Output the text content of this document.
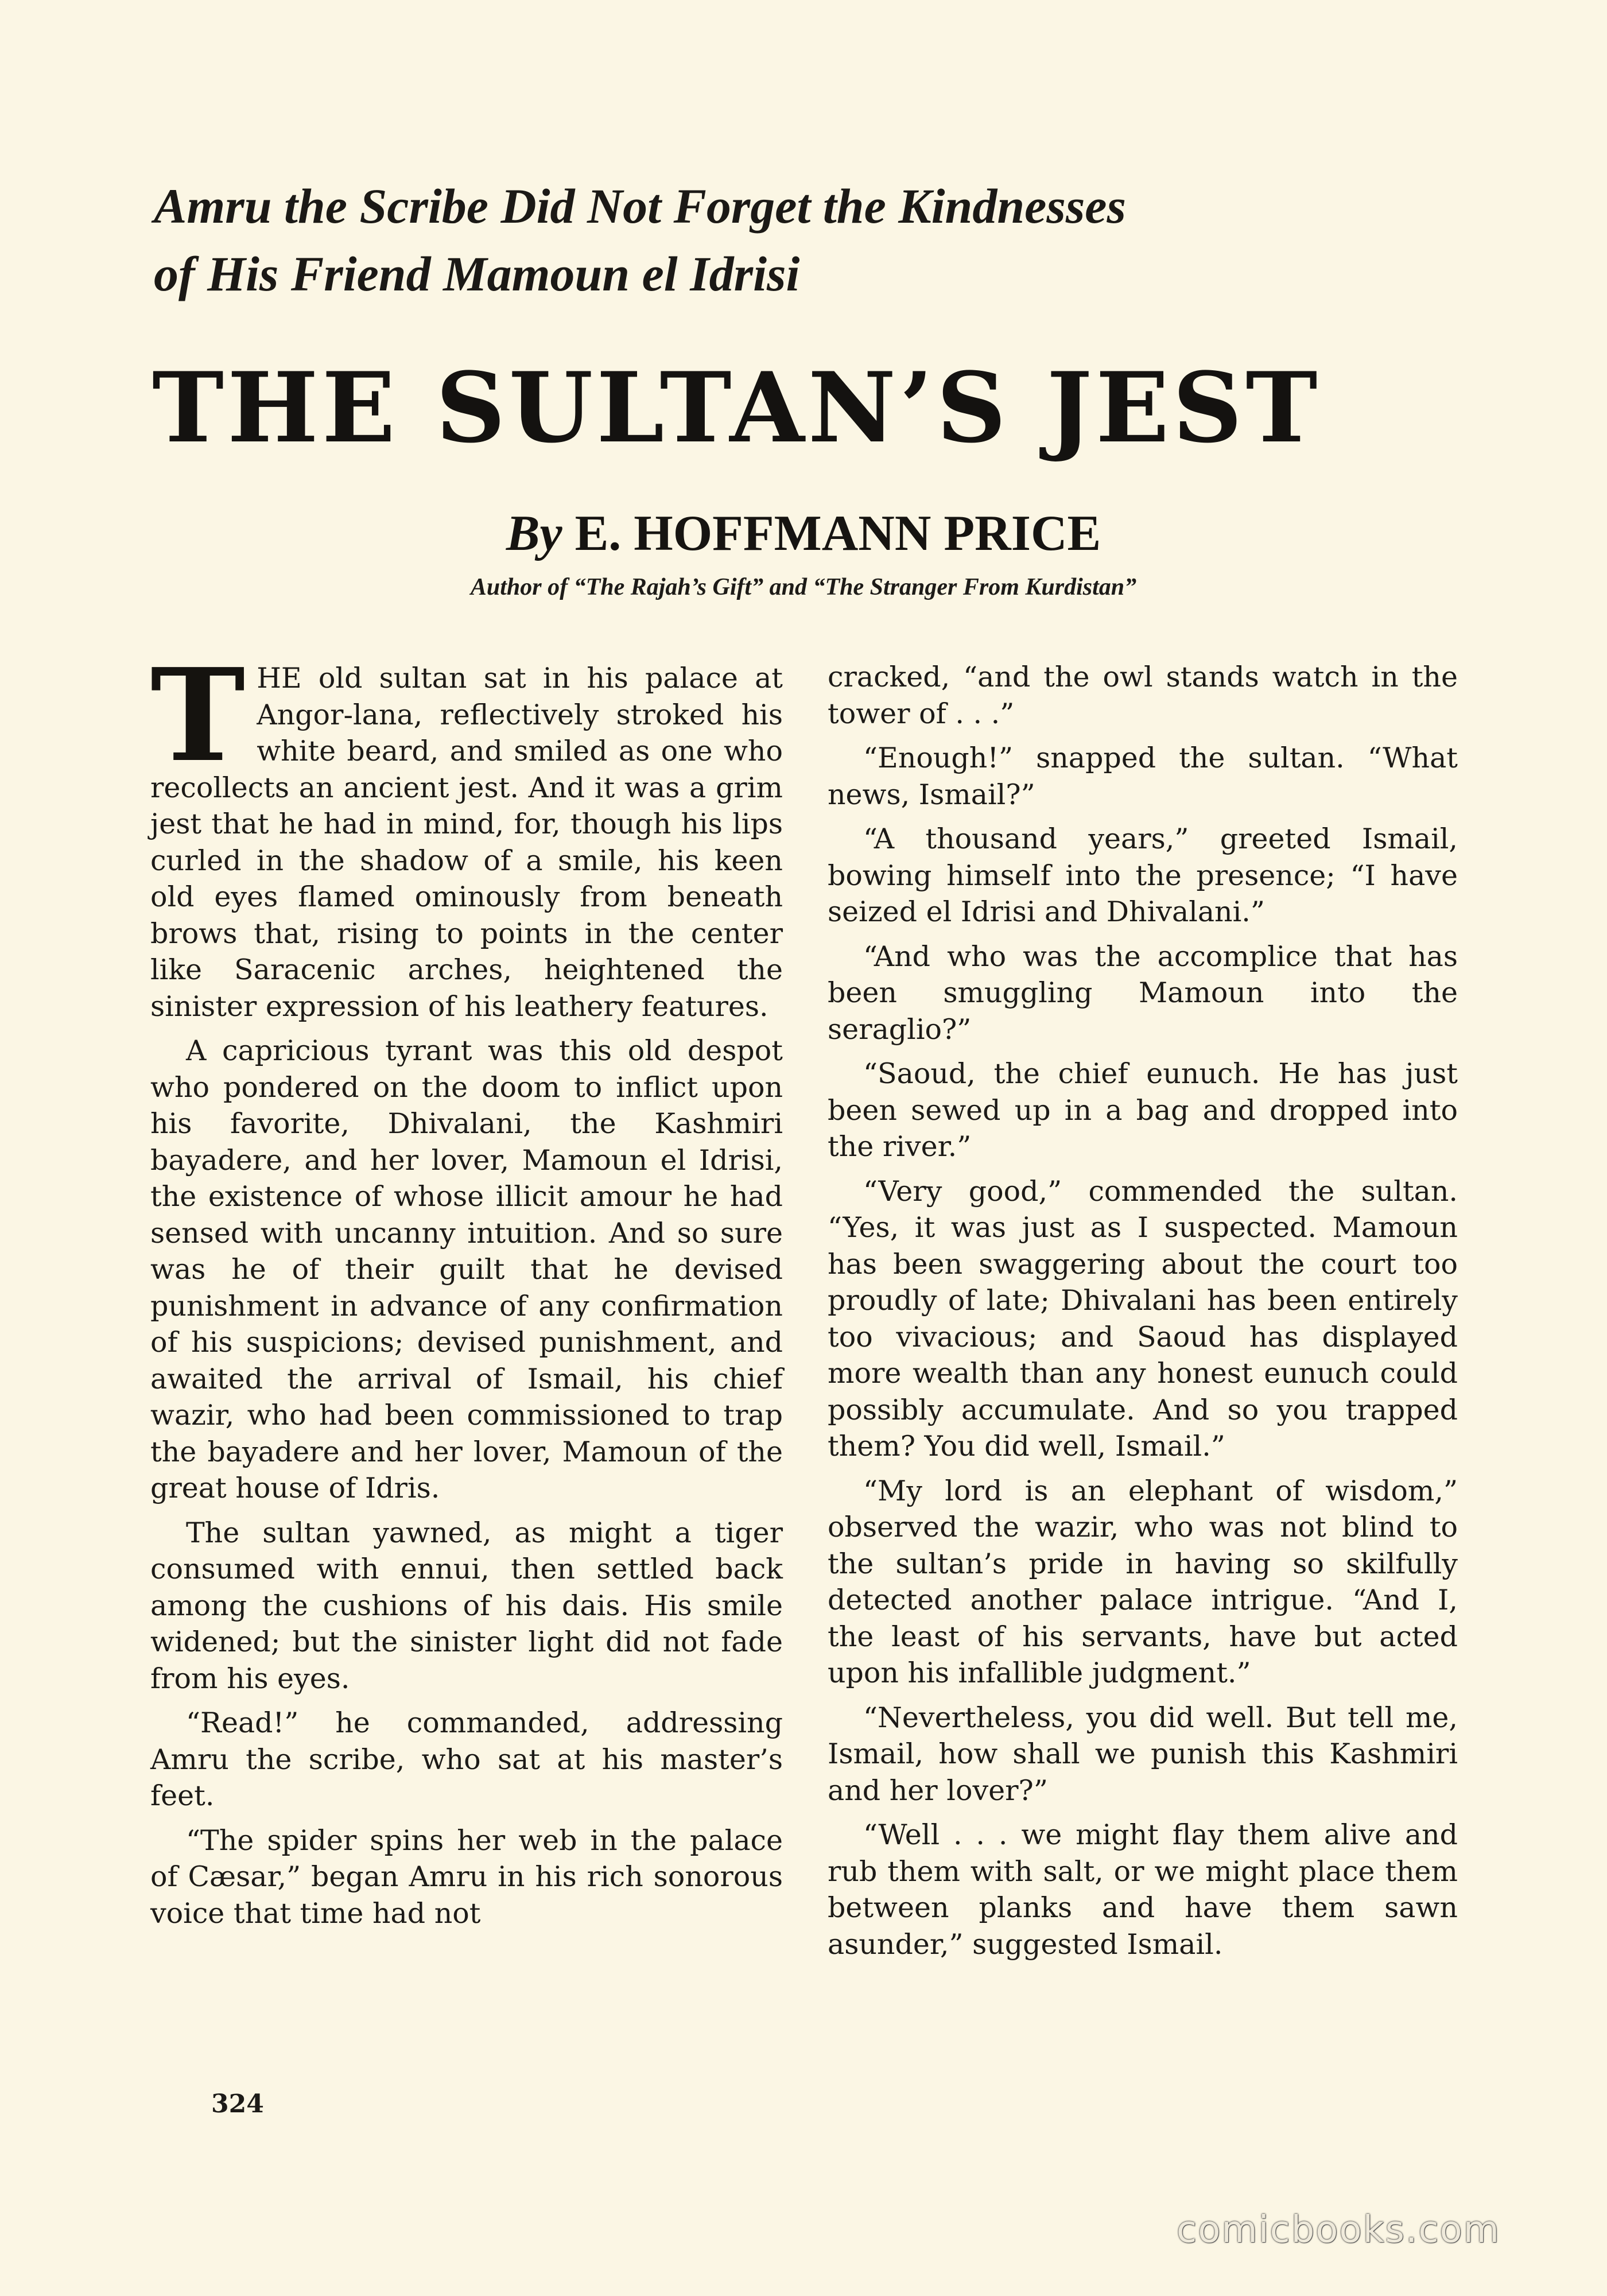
Amru the Scribe Did Not Forget the Kindnesses
of His Friend Mamoun el Idrisi
THE SULTAN’S JEST
By E. HOFFMANN PRICE
Author of “The Rajah’s Gift” and “The Stranger From Kurdistan”

THE old sultan sat in his palace at Angor-lana, reflectively stroked his white beard, and smiled as one who recollects an ancient jest. And it was a grim jest that he had in mind, for, though his lips curled in the shadow of a smile, his keen old eyes flamed ominously from beneath brows that, rising to points in the center like Saracenic arches, heightened the sinister expression of his leathery features.

A capricious tyrant was this old despot who pondered on the doom to inflict upon his favorite, Dhivalani, the Kashmiri bayadere, and her lover, Mamoun el Idrisi, the existence of whose illicit amour he had sensed with uncanny intuition. And so sure was he of their guilt that he devised punishment in advance of any confirmation of his suspicions; devised punishment, and awaited the arrival of Ismail, his chief wazir, who had been commissioned to trap the bayadere and her lover, Mamoun of the great house of Idris.

The sultan yawned, as might a tiger consumed with ennui, then settled back among the cushions of his dais. His smile widened; but the sinister light did not fade from his eyes.

“Read!” he commanded, addressing Amru the scribe, who sat at his master’s feet.

“The spider spins her web in the palace of Cæsar,” began Amru in his rich sonorous voice that time had not

cracked, “and the owl stands watch in the tower of . . .”

“Enough!” snapped the sultan. “What news, Ismail?”

“A thousand years,” greeted Ismail, bowing himself into the presence; “I have seized el Idrisi and Dhivalani.”

“And who was the accomplice that has been smuggling Mamoun into the seraglio?”

“Saoud, the chief eunuch. He has just been sewed up in a bag and dropped into the river.”

“Very good,” commended the sultan. “Yes, it was just as I suspected. Mamoun has been swaggering about the court too proudly of late; Dhivalani has been entirely too vivacious; and Saoud has displayed more wealth than any honest eunuch could possibly accumulate. And so you trapped them? You did well, Ismail.”

“My lord is an elephant of wisdom,” observed the wazir, who was not blind to the sultan’s pride in having so skilfully detected another palace intrigue. “And I, the least of his servants, have but acted upon his infallible judgment.”

“Nevertheless, you did well. But tell me, Ismail, how shall we punish this Kashmiri and her lover?”

“Well . . . we might flay them alive and rub them with salt, or we might place them between planks and have them sawn asunder,” suggested Ismail.

324
comicbooks.com
